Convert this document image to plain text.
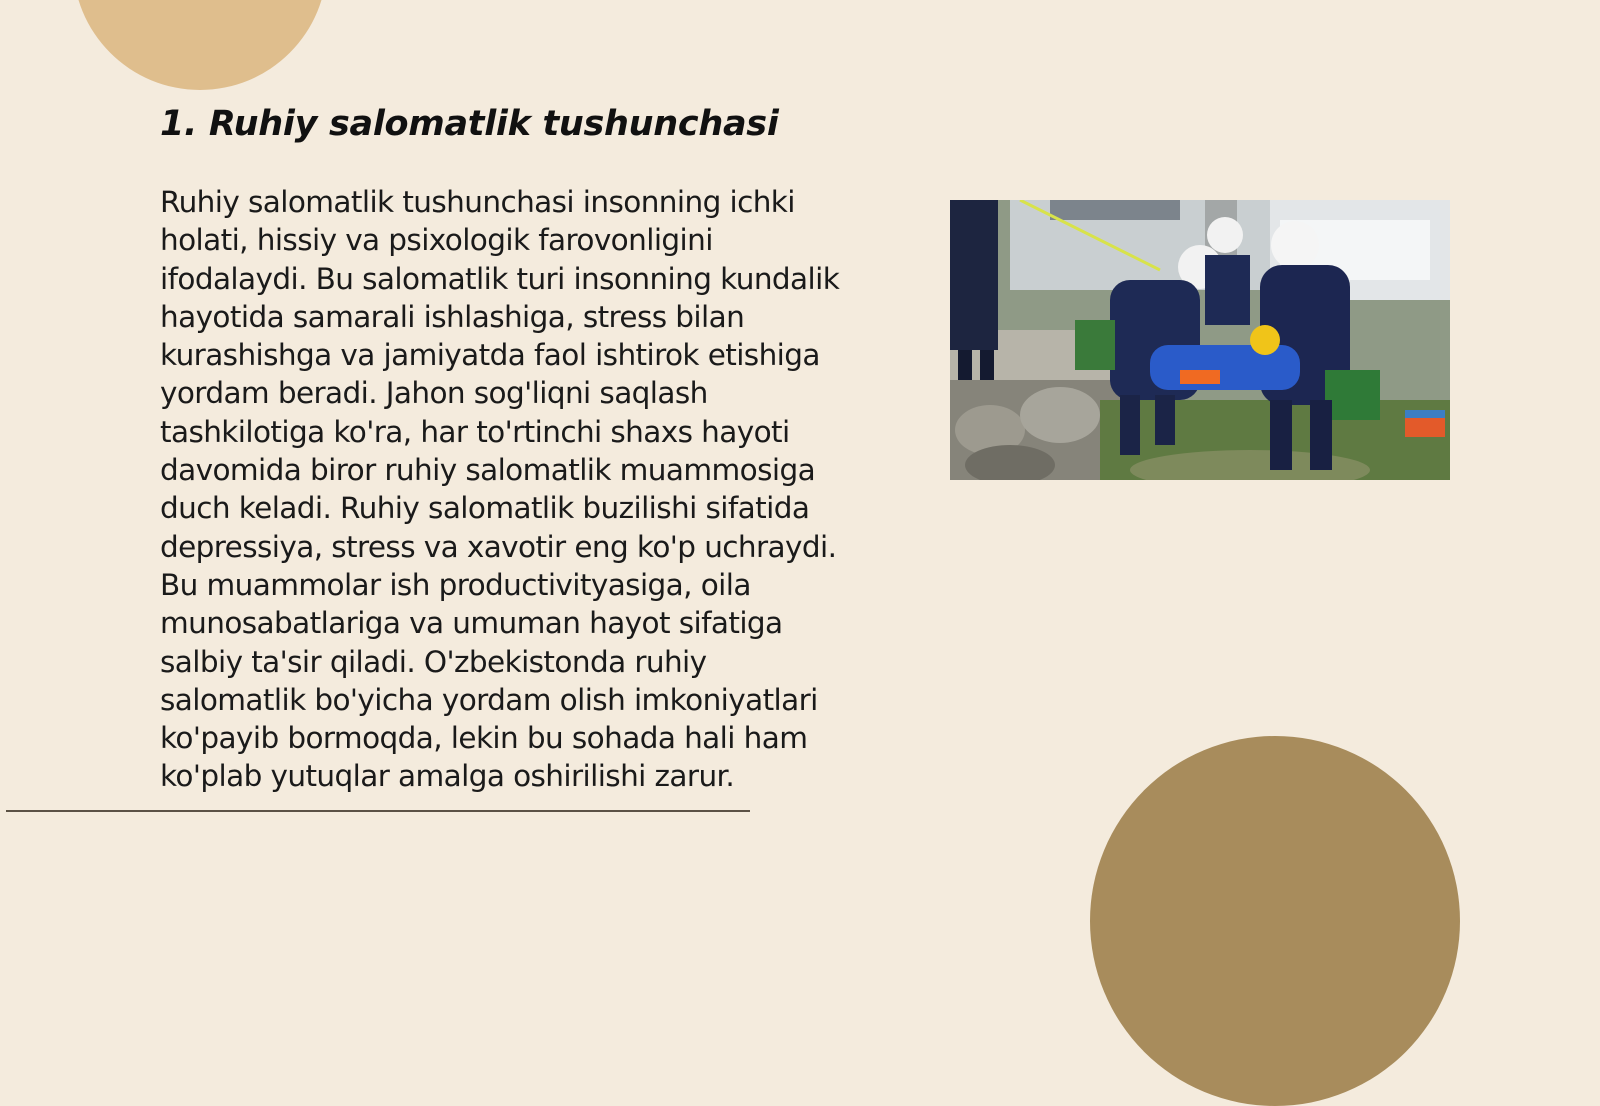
1. Ruhiy salomatlik tushunchasi

Ruhiy salomatlik tushunchasi insonning ichki holati, hissiy va psixologik farovonligini ifodalaydi. Bu salomatlik turi insonning kundalik hayotida samarali ishlashiga, stress bilan kurashishga va jamiyatda faol ishtirok etishiga yordam beradi. Jahon sog'liqni saqlash tashkilotiga ko'ra, har to'rtinchi shaxs hayoti davomida biror ruhiy salomatlik muammosiga duch keladi. Ruhiy salomatlik buzilishi sifatida depressiya, stress va xavotir eng ko'p uchraydi. Bu muammolar ish productivityasiga, oila munosabatlariga va umuman hayot sifatiga salbiy ta'sir qiladi. O'zbekistonda ruhiy salomatlik bo'yicha yordam olish imkoniyatlari ko'payib bormoqda, lekin bu sohada hali ham ko'plab yutuqlar amalga oshirilishi zarur.
